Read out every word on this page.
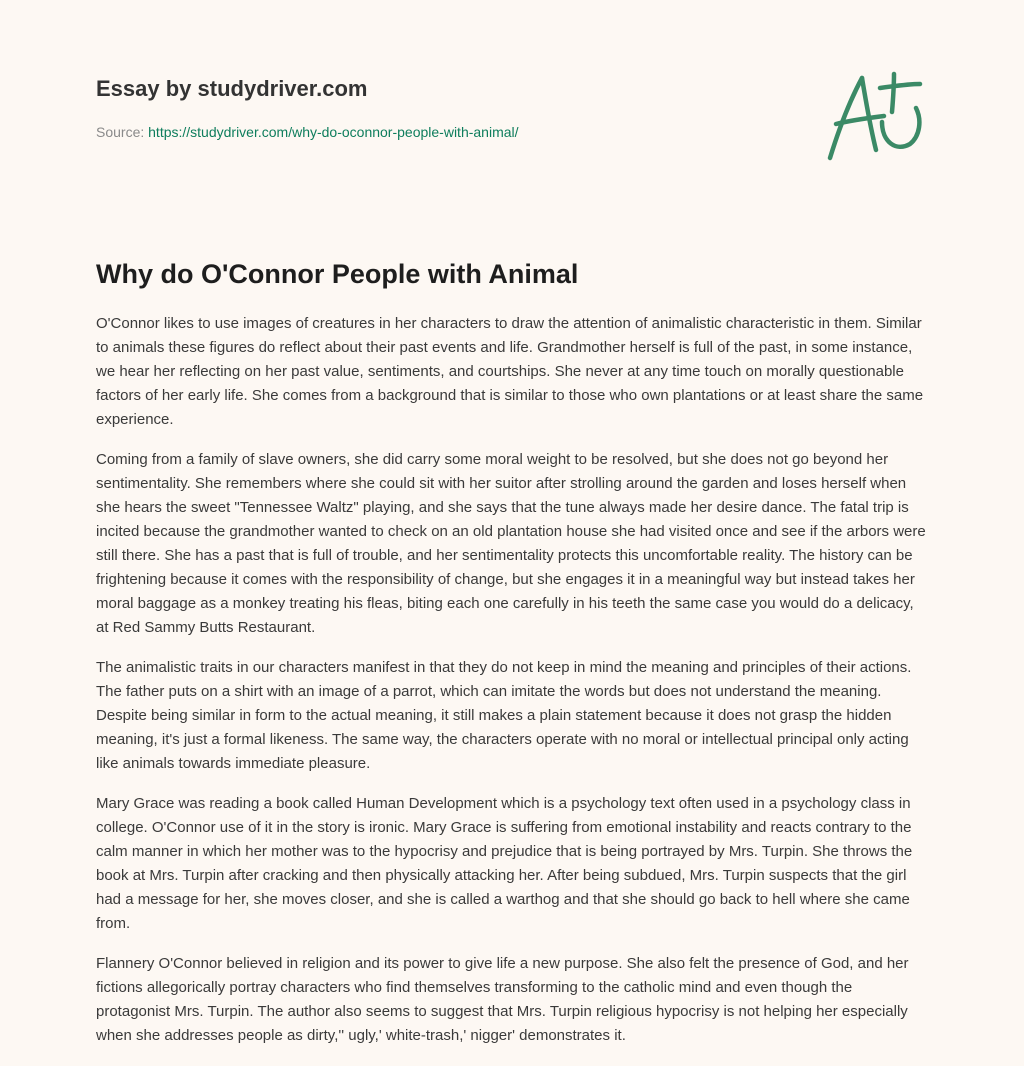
Essay by studydriver.com
Source: https://studydriver.com/why-do-oconnor-people-with-animal/
Why do O'Connor People with Animal

O'Connor likes to use images of creatures in her characters to draw the attention of animalistic characteristic in them. Similar to animals these figures do reflect about their past events and life. Grandmother herself is full of the past, in some instance, we hear her reflecting on her past value, sentiments, and courtships. She never at any time touch on morally questionable factors of her early life. She comes from a background that is similar to those who own plantations or at least share the same experience.

Coming from a family of slave owners, she did carry some moral weight to be resolved, but she does not go beyond her sentimentality. She remembers where she could sit with her suitor after strolling around the garden and loses herself when she hears the sweet "Tennessee Waltz" playing, and she says that the tune always made her desire dance. The fatal trip is incited because the grandmother wanted to check on an old plantation house she had visited once and see if the arbors were still there. She has a past that is full of trouble, and her sentimentality protects this uncomfortable reality. The history can be frightening because it comes with the responsibility of change, but she engages it in a meaningful way but instead takes her moral baggage as a monkey treating his fleas, biting each one carefully in his teeth the same case you would do a delicacy, at Red Sammy Butts Restaurant.

The animalistic traits in our characters manifest in that they do not keep in mind the meaning and principles of their actions. The father puts on a shirt with an image of a parrot, which can imitate the words but does not understand the meaning. Despite being similar in form to the actual meaning, it still makes a plain statement because it does not grasp the hidden meaning, it's just a formal likeness. The same way, the characters operate with no moral or intellectual principal only acting like animals towards immediate pleasure.

Mary Grace was reading a book called Human Development which is a psychology text often used in a psychology class in college. O'Connor use of it in the story is ironic. Mary Grace is suffering from emotional instability and reacts contrary to the calm manner in which her mother was to the hypocrisy and prejudice that is being portrayed by Mrs. Turpin. She throws the book at Mrs. Turpin after cracking and then physically attacking her. After being subdued, Mrs. Turpin suspects that the girl had a message for her, she moves closer, and she is called a warthog and that she should go back to hell where she came from.

Flannery O'Connor believed in religion and its power to give life a new purpose. She also felt the presence of God, and her fictions allegorically portray characters who find themselves transforming to the catholic mind and even though the protagonist Mrs. Turpin. The author also seems to suggest that Mrs. Turpin religious hypocrisy is not helping her especially when she addresses people as dirty,'' ugly,' white-trash,' nigger' demonstrates it.
